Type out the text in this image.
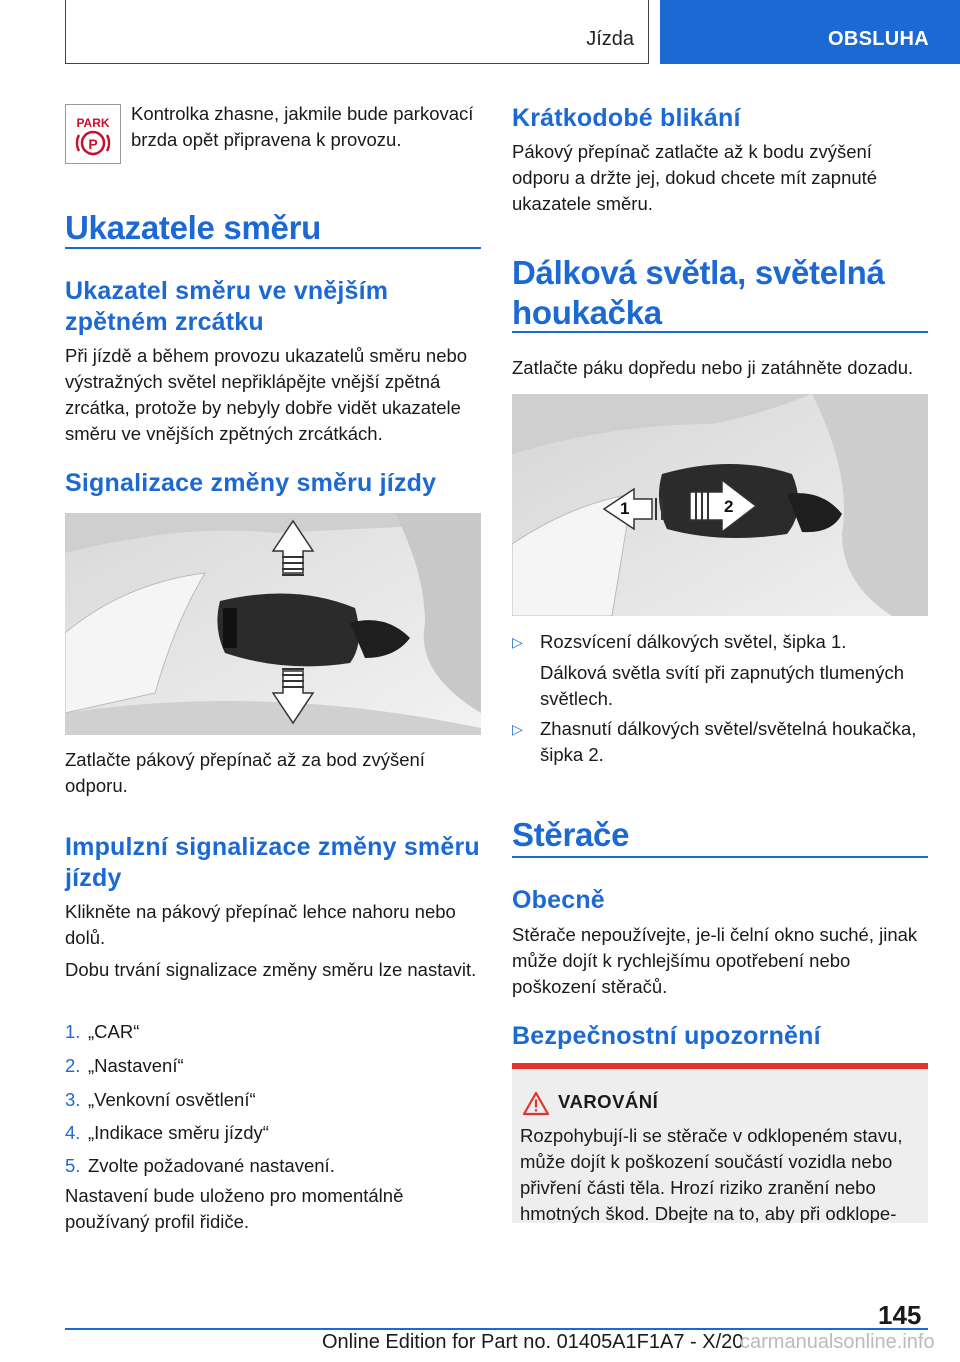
Jízda	OBSLUHA
PARK
P

Kontrolka zhasne, jakmile bude parkovací brzda opět připravena k provozu.

Ukazatele směru
Ukazatel směru ve vnějším zpětném zrcátku

Při jízdě a během provozu ukazatelů směru nebo výstražných světel nepřiklápějte vnější zpětná zrcátka, protože by nebyly dobře vidět ukazatele směru ve vnějších zpětných zrcátkách.

Signalizace změny směru jízdy

Zatlačte pákový přepínač až za bod zvýšení odporu.

Impulzní signalizace změny směru jízdy

Klikněte na pákový přepínač lehce nahoru nebo dolů.

Dobu trvání signalizace změny směru lze nastavit.

1. „CAR“
2. „Nastavení“
3. „Venkovní osvětlení“
4. „Indikace směru jízdy“
5. Zvolte požadované nastavení.

Nastavení bude uloženo pro momentálně používaný profil řidiče.

Krátkodobé blikání

Pákový přepínač zatlačte až k bodu zvýšení odporu a držte jej, dokud chcete mít zapnuté ukazatele směru.

Dálková světla, světelná houkačka

Zatlačte páku dopředu nebo ji zatáhněte dozadu.

1	2
▷ Rozsvícení dálkových světel, šipka 1.
Dálková světla svítí při zapnutých tlumených světlech.
▷ Zhasnutí dálkových světel/světelná houkačka, šipka 2.
Stěrače
Obecně

Stěrače nepoužívejte, je-li čelní okno suché, jinak může dojít k rychlejšímu opotřebení nebo poškození stěračů.

Bezpečnostní upozornění
VAROVÁNÍ
Rozpohybují-li se stěrače v odklopeném stavu, může dojít k poškození součástí vozidla nebo přivření části těla. Hrozí riziko zranění nebo hmotných škod. Dbejte na to, aby při odklope-
145
Online Edition for Part no. 01405A1F1A7 - X/20
carmanualsonline.info
